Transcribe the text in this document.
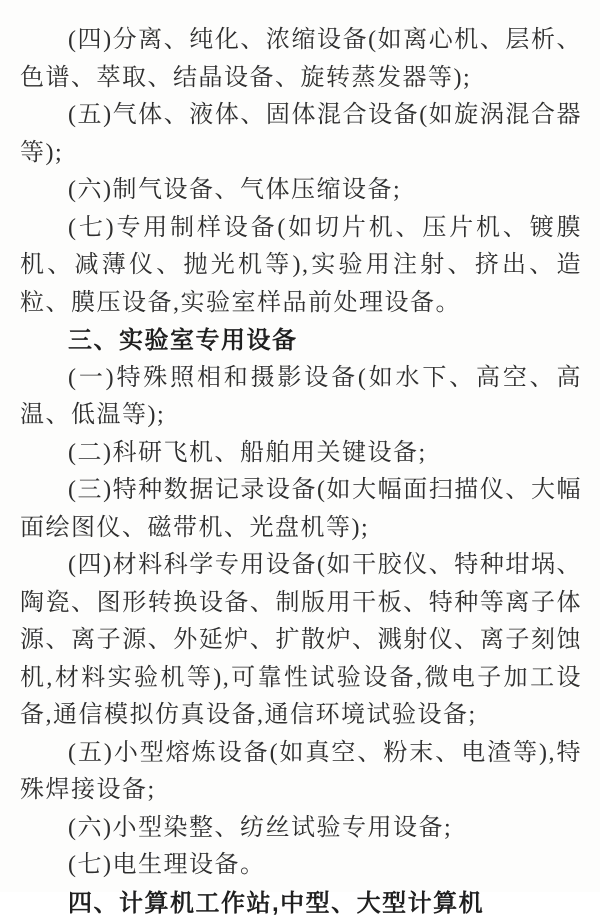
(四)分离、纯化、浓缩设备(如离心机、层析、色谱、萃取、结晶设备、旋转蒸发器等);

(五)气体、液体、固体混合设备(如旋涡混合器等);

(六)制气设备、气体压缩设备;

(七)专用制样设备(如切片机、压片机、镀膜机、减薄仪、抛光机等),实验用注射、挤出、造粒、膜压设备,实验室样品前处理设备。

三、实验室专用设备

(一)特殊照相和摄影设备(如水下、高空、高温、低温等);

(二)科研飞机、船舶用关键设备;

(三)特种数据记录设备(如大幅面扫描仪、大幅面绘图仪、磁带机、光盘机等);

(四)材料科学专用设备(如干胶仪、特种坩埚、陶瓷、图形转换设备、制版用干板、特种等离子体源、离子源、外延炉、扩散炉、溅射仪、离子刻蚀机,材料实验机等),可靠性试验设备,微电子加工设备,通信模拟仿真设备,通信环境试验设备;

(五)小型熔炼设备(如真空、粉末、电渣等),特殊焊接设备;

(六)小型染整、纺丝试验专用设备;

(七)电生理设备。

四、计算机工作站,中型、大型计算机
